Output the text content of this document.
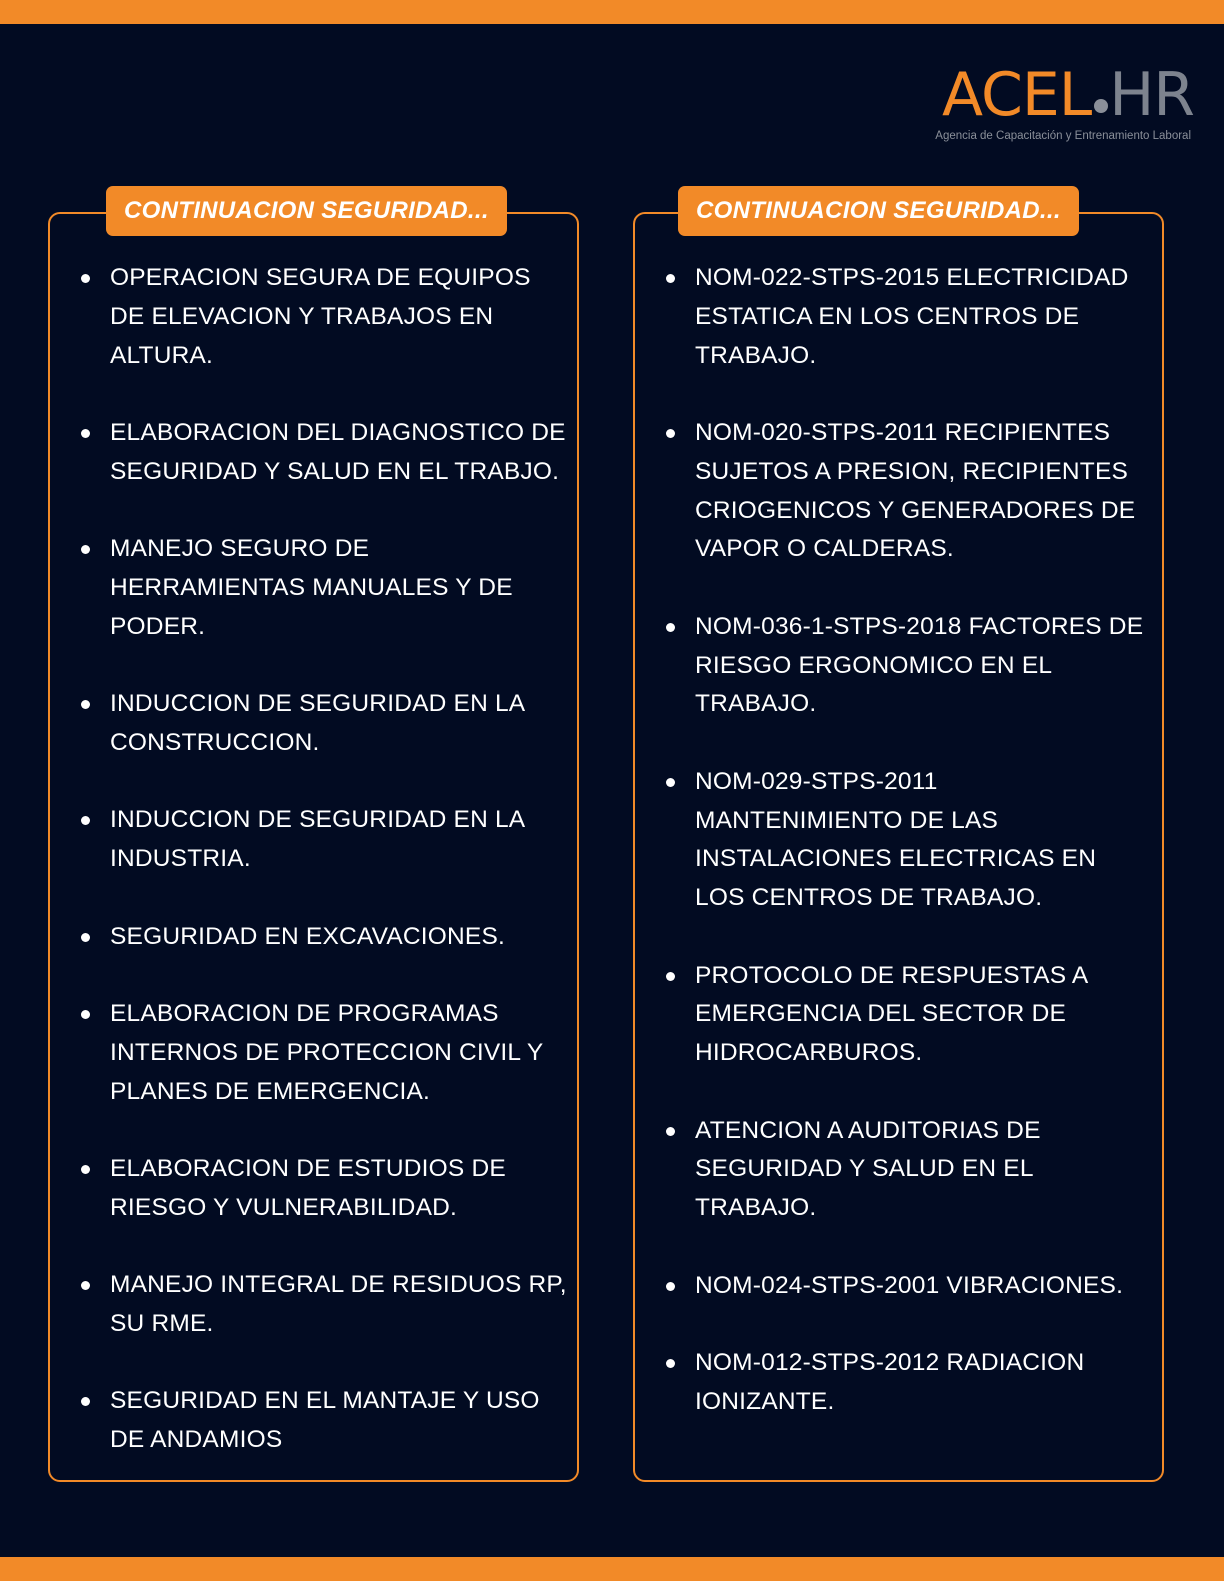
ACEL HR
Agencia de Capacitación y Entrenamiento Laboral
CONTINUACION SEGURIDAD...
OPERACION SEGURA DE EQUIPOS DE ELEVACION Y TRABAJOS EN ALTURA.
ELABORACION DEL DIAGNOSTICO DE SEGURIDAD Y SALUD EN EL TRABJO.
MANEJO SEGURO DE HERRAMIENTAS MANUALES Y DE PODER.
INDUCCION DE SEGURIDAD EN LA CONSTRUCCION.
INDUCCION DE SEGURIDAD EN LA INDUSTRIA.
SEGURIDAD EN EXCAVACIONES.
ELABORACION DE PROGRAMAS INTERNOS DE PROTECCION CIVIL Y PLANES DE EMERGENCIA.
ELABORACION DE ESTUDIOS DE RIESGO Y VULNERABILIDAD.
MANEJO INTEGRAL DE RESIDUOS RP, SU RME.
SEGURIDAD EN EL MANTAJE Y USO DE ANDAMIOS
CONTINUACION SEGURIDAD...
NOM-022-STPS-2015 ELECTRICIDAD ESTATICA EN LOS CENTROS DE TRABAJO.
NOM-020-STPS-2011 RECIPIENTES SUJETOS A PRESION, RECIPIENTES CRIOGENICOS Y GENERADORES DE VAPOR O CALDERAS.
NOM-036-1-STPS-2018 FACTORES DE RIESGO ERGONOMICO EN EL TRABAJO.
NOM-029-STPS-2011 MANTENIMIENTO DE LAS INSTALACIONES ELECTRICAS EN LOS CENTROS DE TRABAJO.
PROTOCOLO DE RESPUESTAS A EMERGENCIA DEL SECTOR DE HIDROCARBUROS.
ATENCION A AUDITORIAS DE SEGURIDAD Y SALUD EN EL TRABAJO.
NOM-024-STPS-2001 VIBRACIONES.
NOM-012-STPS-2012 RADIACION IONIZANTE.
